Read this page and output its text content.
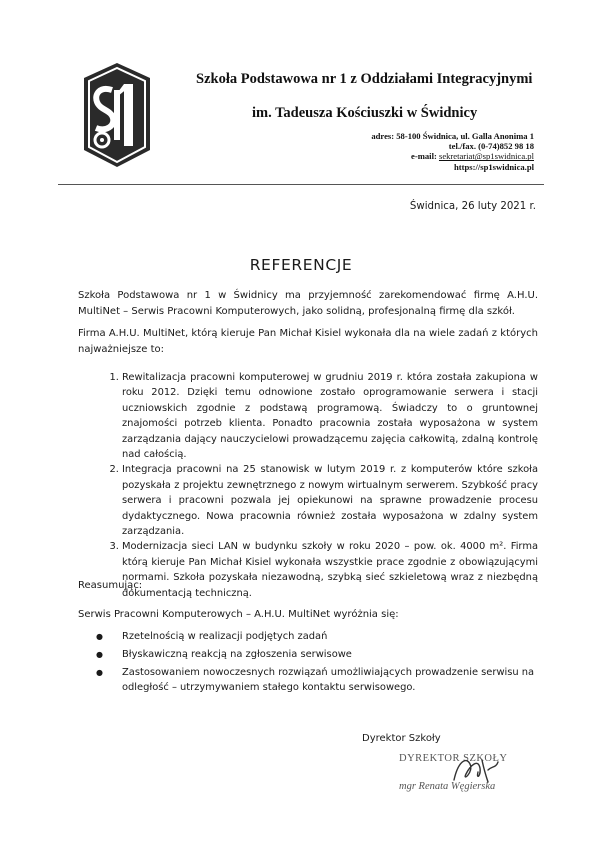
Szkoła Podstawowa nr 1 z Oddziałami Integracyjnymi
im. Tadeusza Kościuszki w Świdnicy
adres: 58-100 Świdnica, ul. Galla Anonima 1
tel./fax. (0-74)852 98 18
e-mail: sekretariat@sp1swidnica.pl
https://sp1swidnica.pl
Świdnica, 26 luty 2021 r.
REFERENCJE
Szkoła Podstawowa nr 1 w Świdnicy ma przyjemność zarekomendować firmę A.H.U. MultiNet – Serwis Pracowni Komputerowych, jako solidną, profesjonalną firmę dla szkół.
Firma A.H.U. MultiNet, którą kieruje Pan Michał Kisiel wykonała dla na wiele zadań z których najważniejsze to:
1. Rewitalizacja pracowni komputerowej w grudniu 2019 r. która została zakupiona w roku 2012. Dzięki temu odnowione zostało oprogramowanie serwera i stacji uczniowskich zgodnie z podstawą programową. Świadczy to o gruntownej znajomości potrzeb klienta. Ponadto pracownia została wyposażona w system zarządzania dający nauczycielowi prowadzącemu zajęcia całkowitą, zdalną kontrolę nad całością.
2. Integracja pracowni na 25 stanowisk w lutym 2019 r. z komputerów które szkoła pozyskała z projektu zewnętrznego z nowym wirtualnym serwerem. Szybkość pracy serwera i pracowni pozwala jej opiekunowi na sprawne prowadzenie procesu dydaktycznego. Nowa pracownia również została wyposażona w zdalny system zarządzania.
3. Modernizacja sieci LAN w budynku szkoły w roku 2020 – pow. ok. 4000 m². Firma którą kieruje Pan Michał Kisiel wykonała wszystkie prace zgodnie z obowiązującymi normami. Szkoła pozyskała niezawodną, szybką sieć szkieletową wraz z niezbędną dokumentacją techniczną.
Reasumując:
Serwis Pracowni Komputerowych – A.H.U. MultiNet wyróżnia się:
● Rzetelnością w realizacji podjętych zadań
● Błyskawiczną reakcją na zgłoszenia serwisowe
● Zastosowaniem nowoczesnych rozwiązań umożliwiających prowadzenie serwisu na odległość – utrzymywaniem stałego kontaktu serwisowego.
Dyrektor Szkoły
DYREKTOR SZKOŁY
mgr Renata Węgierska
